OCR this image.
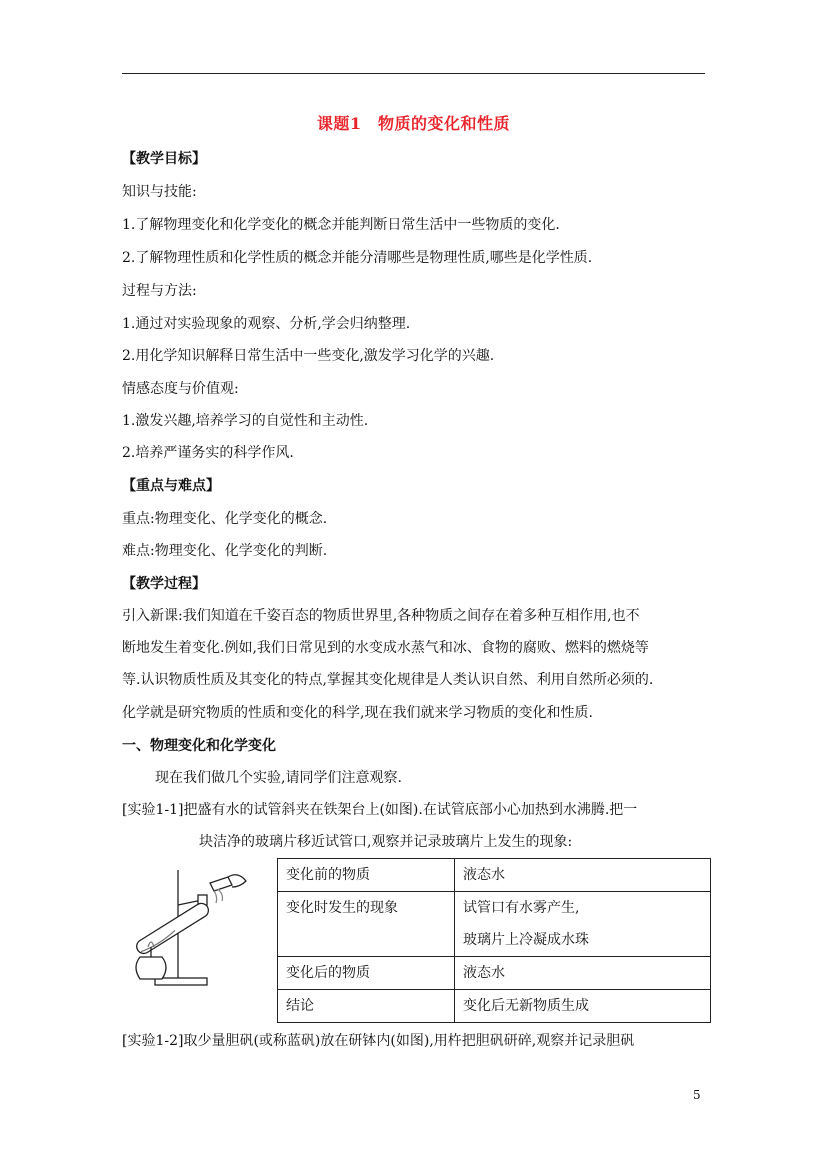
课题1　物质的变化和性质
【教学目标】
知识与技能:
1.了解物理变化和化学变化的概念并能判断日常生活中一些物质的变化.
2.了解物理性质和化学性质的概念并能分清哪些是物理性质,哪些是化学性质.
过程与方法:
1.通过对实验现象的观察、分析,学会归纳整理.
2.用化学知识解释日常生活中一些变化,激发学习化学的兴趣.
情感态度与价值观:
1.激发兴趣,培养学习的自觉性和主动性.
2.培养严谨务实的科学作风.
【重点与难点】
重点:物理变化、化学变化的概念.
难点:物理变化、化学变化的判断.
【教学过程】
引入新课:我们知道在千姿百态的物质世界里,各种物质之间存在着多种互相作用,也不
断地发生着变化.例如,我们日常见到的水变成水蒸气和冰、食物的腐败、燃料的燃烧等
等.认识物质性质及其变化的特点,掌握其变化规律是人类认识自然、利用自然所必须的.
化学就是研究物质的性质和变化的科学,现在我们就来学习物质的变化和性质.
一、物理变化和化学变化
现在我们做几个实验,请同学们注意观察.
[实验1-1]把盛有水的试管斜夹在铁架台上(如图).在试管底部小心加热到水沸腾.把一
块洁净的玻璃片移近试管口,观察并记录玻璃片上发生的现象:
变化前的物质	液态水
变化时发生的现象	试管口有水雾产生,
玻璃片上冷凝成水珠

变化后的物质	液态水
结论	变化后无新物质生成
[实验1-2]取少量胆矾(或称蓝矾)放在研钵内(如图),用杵把胆矾研碎,观察并记录胆矾
5
